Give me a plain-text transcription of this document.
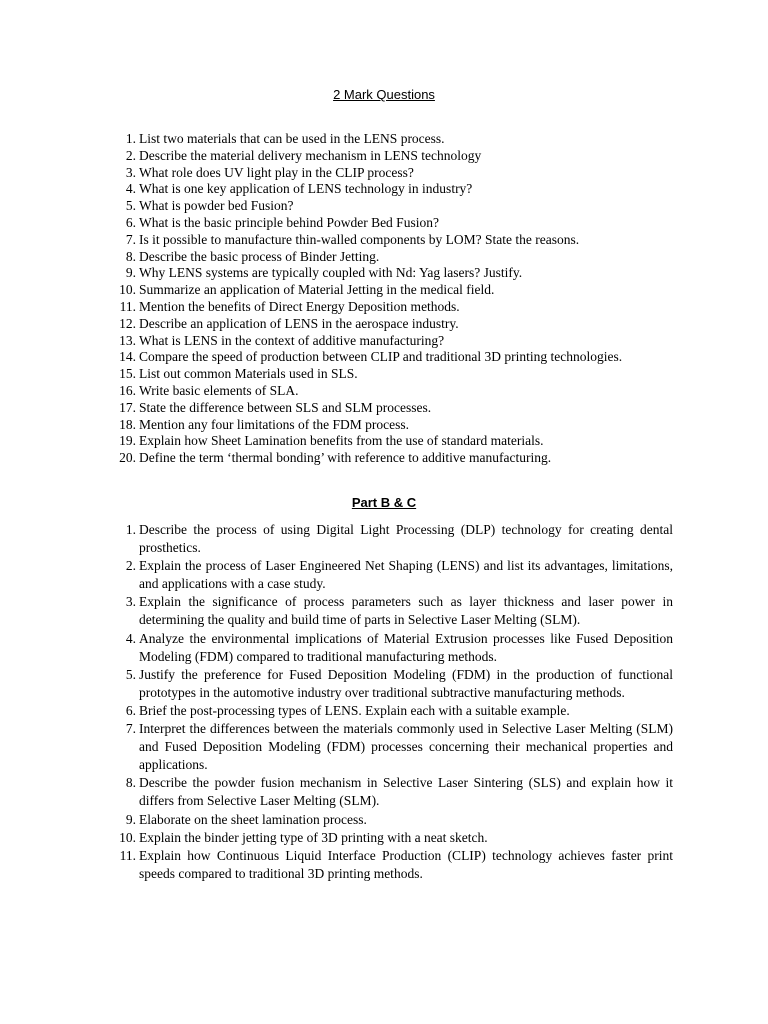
2 Mark Questions
1. List two materials that can be used in the LENS process.
2. Describe the material delivery mechanism in LENS technology
3. What role does UV light play in the CLIP process?
4. What is one key application of LENS technology in industry?
5. What is powder bed Fusion?
6. What is the basic principle behind Powder Bed Fusion?
7. Is it possible to manufacture thin-walled components by LOM? State the reasons.
8. Describe the basic process of Binder Jetting.
9. Why LENS systems are typically coupled with Nd: Yag lasers? Justify.
10. Summarize an application of Material Jetting in the medical field.
11. Mention the benefits of Direct Energy Deposition methods.
12. Describe an application of LENS in the aerospace industry.
13. What is LENS in the context of additive manufacturing?
14. Compare the speed of production between CLIP and traditional 3D printing technologies.
15. List out common Materials used in SLS.
16. Write basic elements of SLA.
17. State the difference between SLS and SLM processes.
18. Mention any four limitations of the FDM process.
19. Explain how Sheet Lamination benefits from the use of standard materials.
20. Define the term ‘thermal bonding’ with reference to additive manufacturing.
Part B & C
1. Describe the process of using Digital Light Processing (DLP) technology for creating dental prosthetics.
2. Explain the process of Laser Engineered Net Shaping (LENS) and list its advantages, limitations, and applications with a case study.
3. Explain the significance of process parameters such as layer thickness and laser power in determining the quality and build time of parts in Selective Laser Melting (SLM).
4. Analyze the environmental implications of Material Extrusion processes like Fused Deposition Modeling (FDM) compared to traditional manufacturing methods.
5. Justify the preference for Fused Deposition Modeling (FDM) in the production of functional prototypes in the automotive industry over traditional subtractive manufacturing methods.
6. Brief the post-processing types of LENS. Explain each with a suitable example.
7. Interpret the differences between the materials commonly used in Selective Laser Melting (SLM) and Fused Deposition Modeling (FDM) processes concerning their mechanical properties and applications.
8. Describe the powder fusion mechanism in Selective Laser Sintering (SLS) and explain how it differs from Selective Laser Melting (SLM).
9. Elaborate on the sheet lamination process.
10. Explain the binder jetting type of 3D printing with a neat sketch.
11. Explain how Continuous Liquid Interface Production (CLIP) technology achieves faster print speeds compared to traditional 3D printing methods.
